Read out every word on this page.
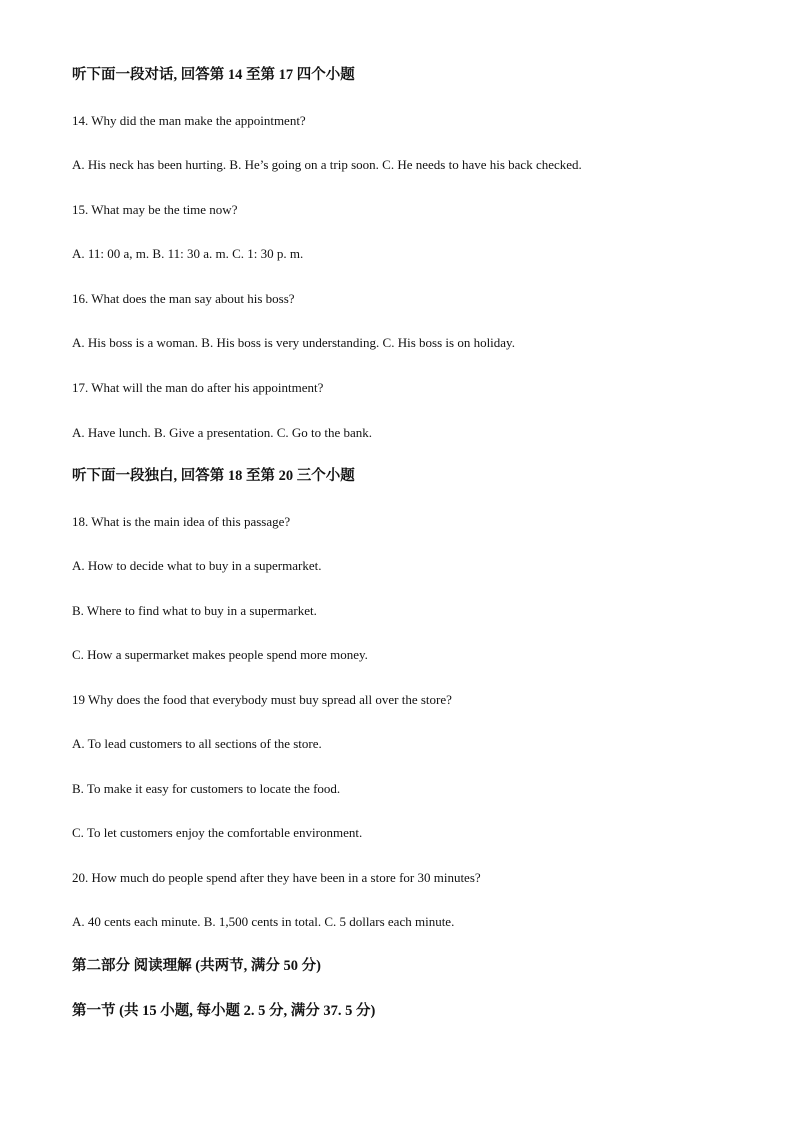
听下面一段对话, 回答第 14 至第 17 四个小题
14. Why did the man make the appointment?
A. His neck has been hurting. B. He’s going on a trip soon. C. He needs to have his back checked.
15. What may be the time now?
A. 11: 00 a, m. B. 11: 30 a. m. C. 1: 30 p. m.
16. What does the man say about his boss?
A. His boss is a woman. B. His boss is very understanding. C. His boss is on holiday.
17. What will the man do after his appointment?
A. Have lunch. B. Give a presentation. C. Go to the bank.
听下面一段独白, 回答第 18 至第 20 三个小题
18. What is the main idea of this passage?
A. How to decide what to buy in a supermarket.
B. Where to find what to buy in a supermarket.
C. How a supermarket makes people spend more money.
19 Why does the food that everybody must buy spread all over the store?
A. To lead customers to all sections of the store.
B. To make it easy for customers to locate the food.
C. To let customers enjoy the comfortable environment.
20. How much do people spend after they have been in a store for 30 minutes?
A. 40 cents each minute. B. 1,500 cents in total. C. 5 dollars each minute.
第二部分 阅读理解 (共两节, 满分 50 分)
第一节 (共 15 小题, 每小题 2. 5 分, 满分 37. 5 分)
